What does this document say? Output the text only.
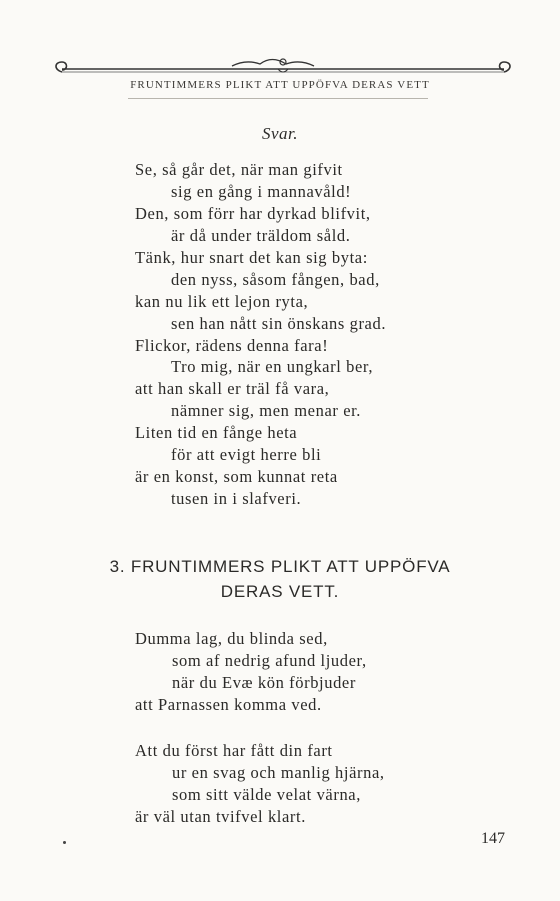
FRUNTIMMERS PLIKT ATT UPPÖFVA DERAS VETT
Svar.
Se, så går det, när man gifvit
sig en gång i mannavåld!
Den, som förr har dyrkad blifvit,
är då under träldom såld.
Tänk, hur snart det kan sig byta:
den nyss, såsom fången, bad,
kan nu lik ett lejon ryta,
sen han nått sin önskans grad.
Flickor, rädens denna fara!
Tro mig, när en ungkarl ber,
att han skall er träl få vara,
nämner sig, men menar er.
Liten tid en fånge heta
för att evigt herre bli
är en konst, som kunnat reta
tusen in i slafveri.
3. FRUNTIMMERS PLIKT ATT UPPÖFVA
DERAS VETT.
Dumma lag, du blinda sed,
som af nedrig afund ljuder,
när du Evæ kön förbjuder
att Parnassen komma ved.
Att du först har fått din fart
ur en svag och manlig hjärna,
som sitt välde velat värna,
är väl utan tvifvel klart.
147
